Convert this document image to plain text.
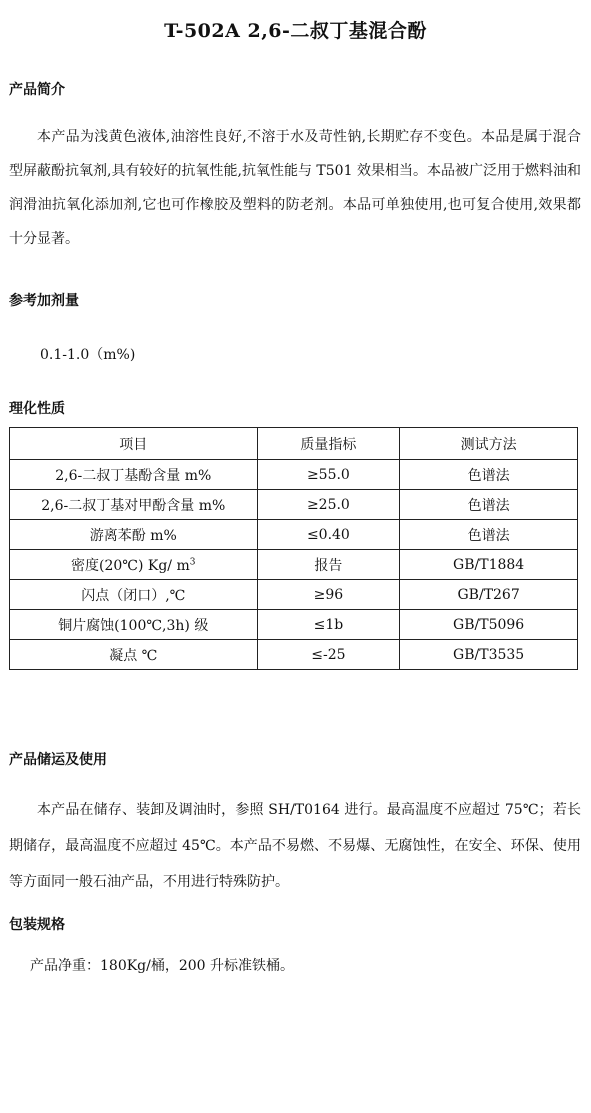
T-502A 2,6-二叔丁基混合酚
产品简介

本产品为浅黄色液体,油溶性良好,不溶于水及苛性钠,长期贮存不变色。本品是属于混合型屏蔽酚抗氧剂,具有较好的抗氧性能,抗氧性能与 T501 效果相当。本品被广泛用于燃料油和润滑油抗氧化添加剂,它也可作橡胶及塑料的防老剂。本品可单独使用,也可复合使用,效果都十分显著。

参考加剂量
0.1-1.0（m%)
理化性质
项目	质量指标	测试方法
2,6-二叔丁基酚含量 m%	≥55.0	色谱法
2,6-二叔丁基对甲酚含量 m%	≥25.0	色谱法
游离苯酚 m%	≤0.40	色谱法
密度(20℃) Kg/ $m^3$	报告	GB/T1884
闪点（闭口）,℃	≥96	GB/T267
铜片腐蚀(100℃,3h) 级	≤1b	GB/T5096
凝点 ℃	≤-25	GB/T3535
产品储运及使用

本产品在储存、装卸及调油时，参照 SH/T0164 进行。最高温度不应超过 75℃；若长期储存，最高温度不应超过 45℃。本产品不易燃、不易爆、无腐蚀性，在安全、环保、使用等方面同一般石油产品，不用进行特殊防护。

包装规格
产品净重：180Kg/桶，200 升标准铁桶。
